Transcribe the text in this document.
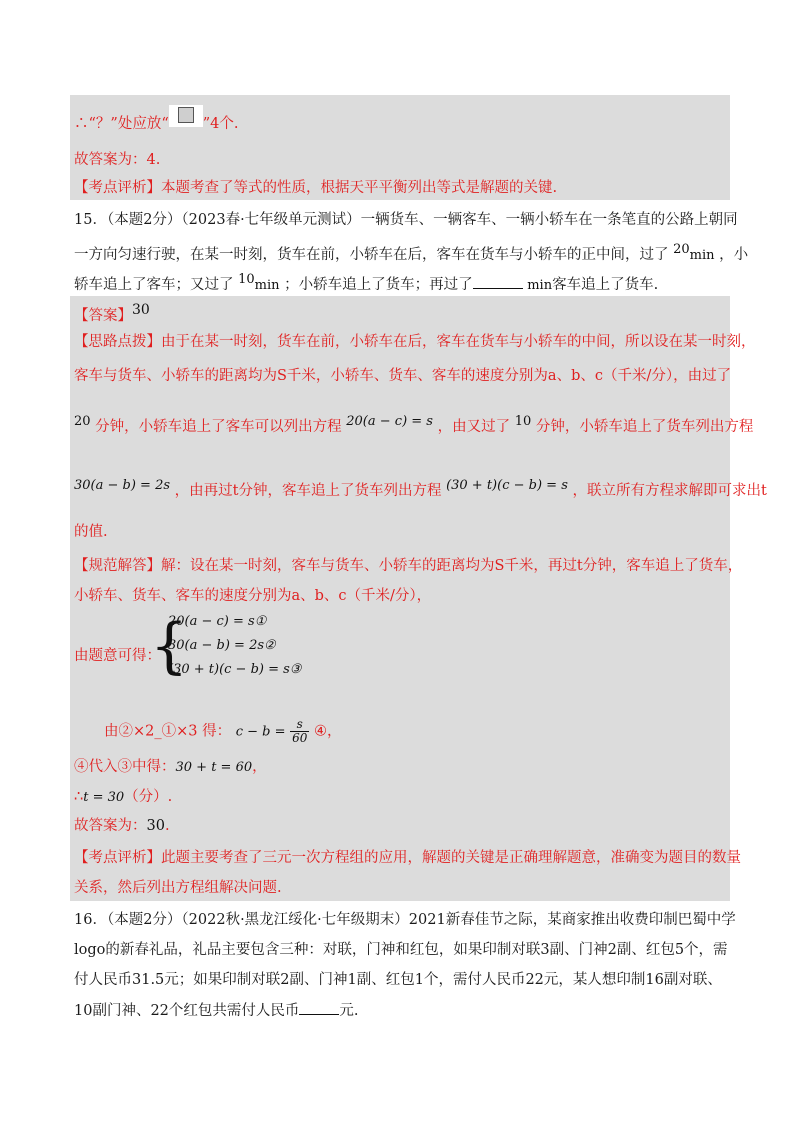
∴“？”处应放“ ”4个.
故答案为：4.
【考点评析】本题考查了等式的性质，根据天平平衡列出等式是解题的关键.
15．（本题2分）（2023春·七年级单元测试）一辆货车、一辆客车、一辆小轿车在一条笔直的公路上朝同
一方向匀速行驶，在某一时刻，货车在前，小轿车在后，客车在货车与小轿车的正中间，过了 $^{20}$min ，小
轿车追上了客车；又过了 $^{10}$min ；小轿车追上了货车；再过了	min客车追上了货车.
【答案】$^{30}$
【思路点拨】由于在某一时刻，货车在前，小轿车在后，客车在货车与小轿车的中间，所以设在某一时刻，
客车与货车、小轿车的距离均为S千米，小轿车、货车、客车的速度分别为a、b、c（千米/分），由过了
$^{20}$ 分钟，小轿车追上了客车可以列出方程 $^{20(a - c) = s}$ ，由又过了 $^{10}$ 分钟，小轿车追上了货车列出方程
$^{30(a - b) = 2s}$ ，由再过t分钟，客车追上了货车列出方程 $^{(30 + t)(c - b) = s}$ ，联立所有方程求解即可求出t
的值.
【规范解答】解：设在某一时刻，客车与货车、小轿车的距离均为S千米，再过t分钟，客车追上了货车，
小轿车、货车、客车的速度分别为a、b、c（千米/分），
由题意可得：
{
20(a − c) = s①
30(a − b) = 2s②
(30 + t)(c − b) = s③
由②×2_①×3 得： $c - b = \frac{s}{60}$ ④，
④代入③中得：30 + t = 60，
∴t = 30（分）.
故答案为：30.
【考点评析】此题主要考查了三元一次方程组的应用，解题的关键是正确理解题意，准确变为题目的数量
关系，然后列出方程组解决问题.
16．（本题2分）（2022秋·黑龙江绥化·七年级期末）2021新春佳节之际，某商家推出收费印制巴蜀中学
logo的新春礼品，礼品主要包含三种：对联，门神和红包，如果印制对联3副、门神2副、红包5个，需
付人民币31.5元；如果印制对联2副、门神1副、红包1个，需付人民币22元，某人想印制16副对联、
10副门神、22个红包共需付人民币	元.
